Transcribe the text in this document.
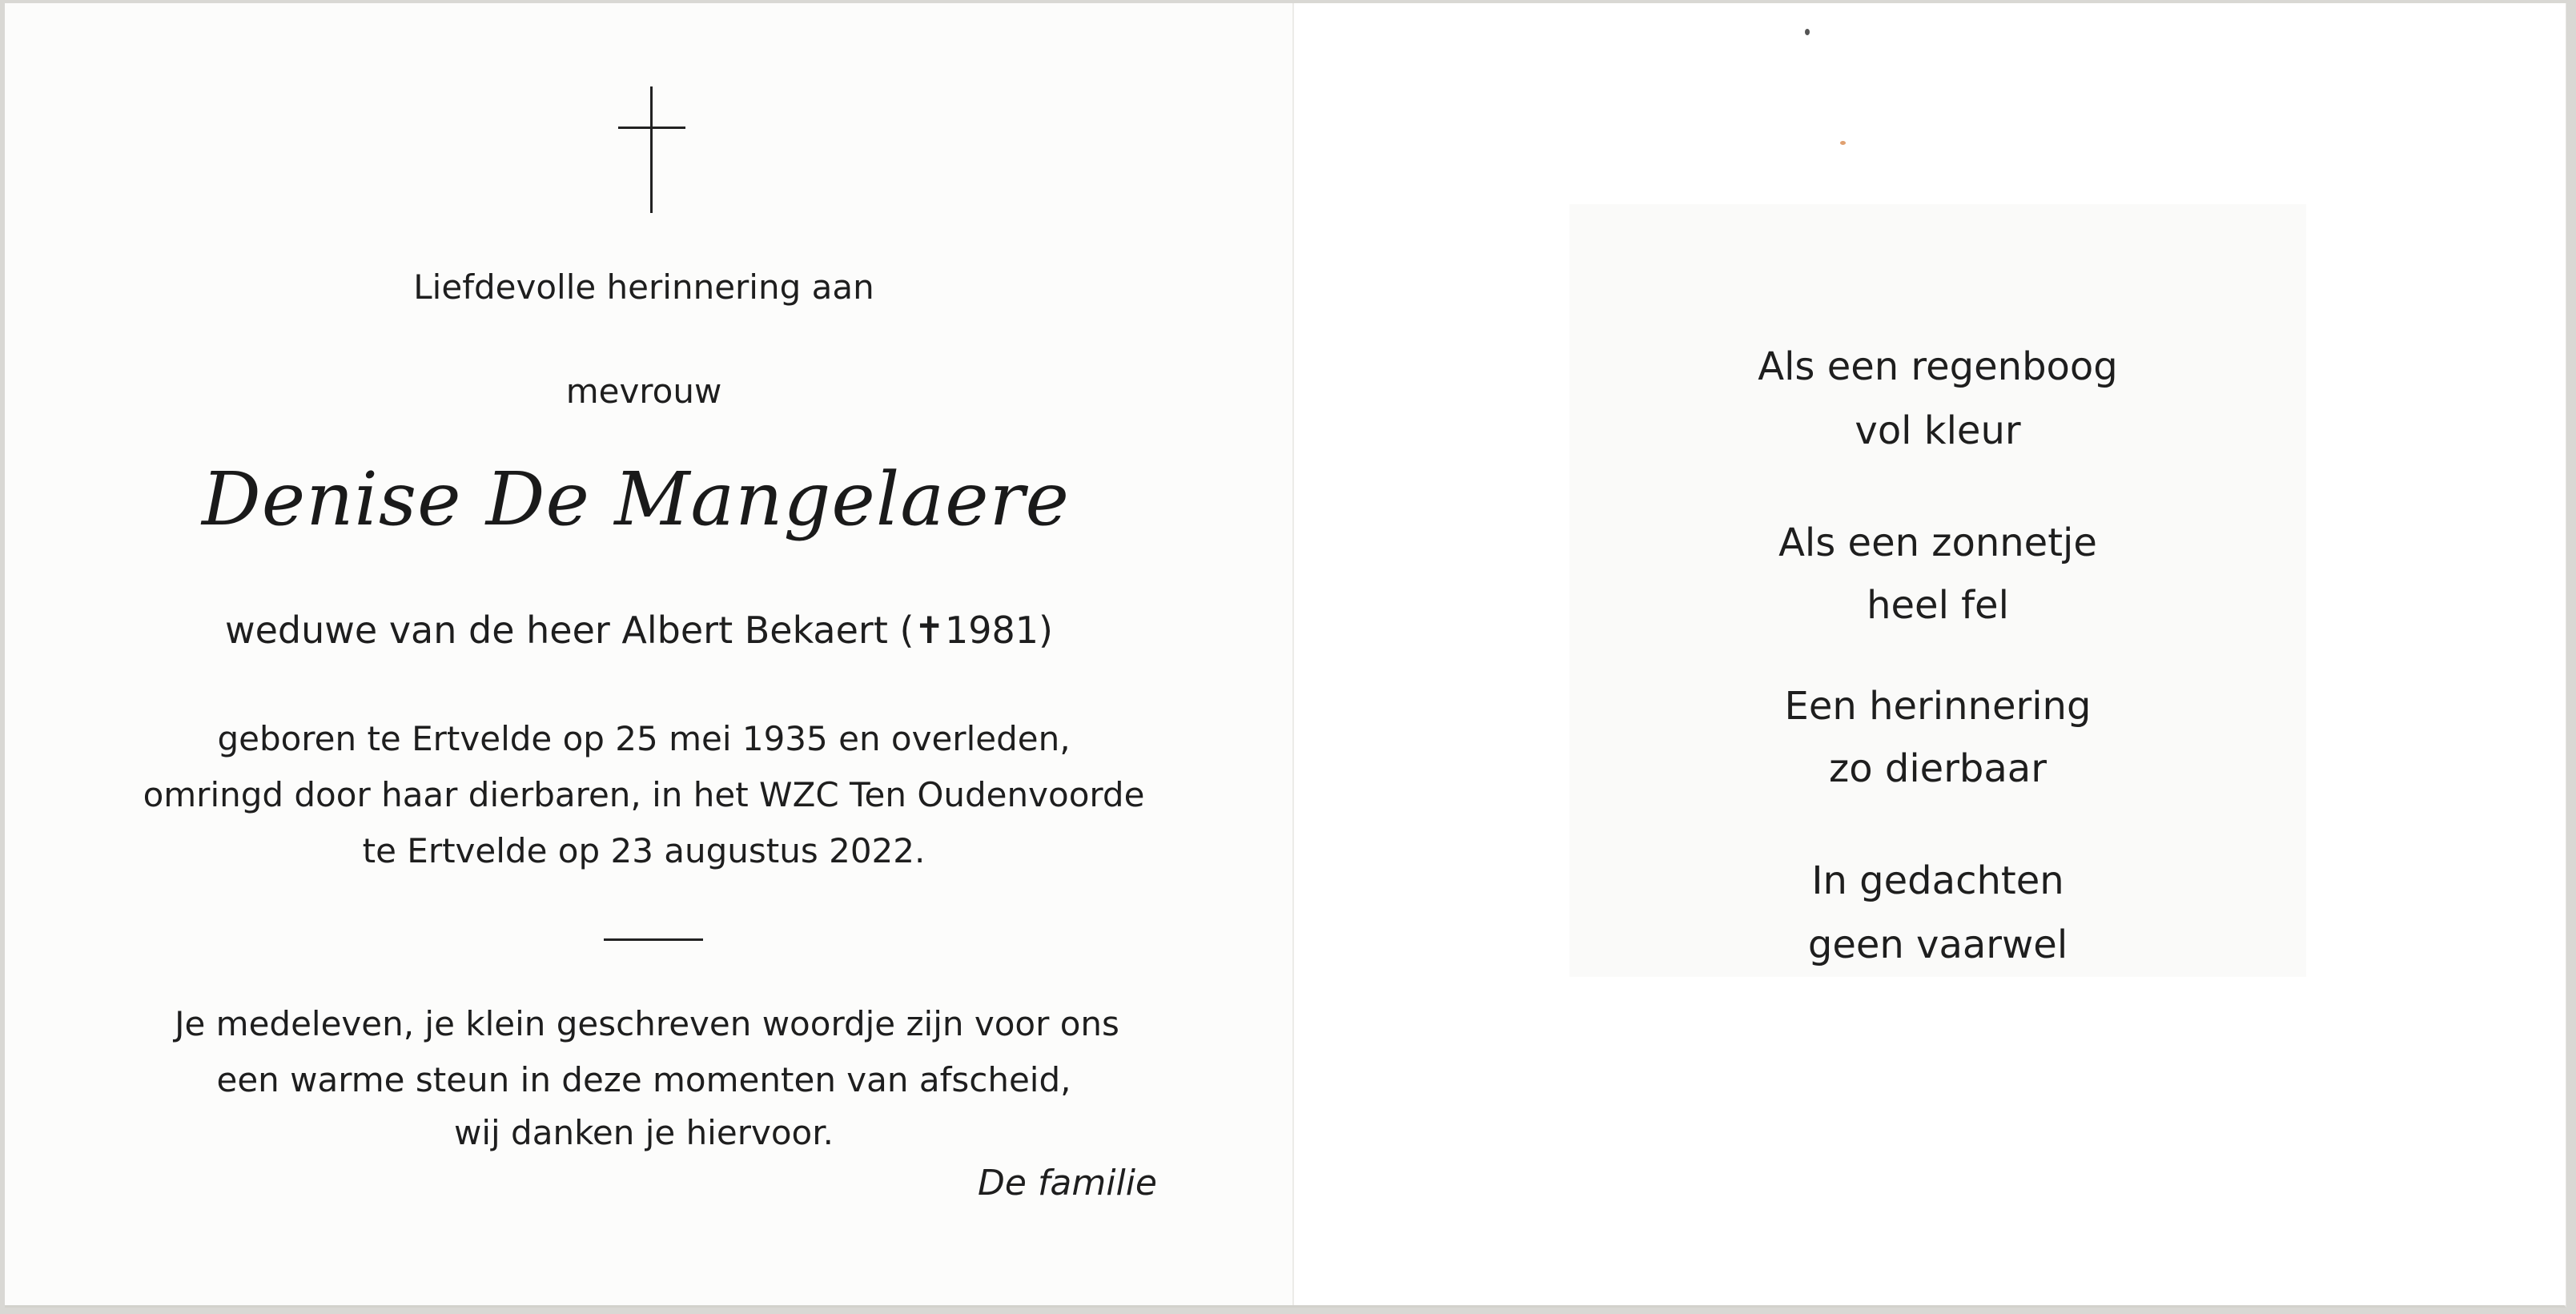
Liefdevolle herinnering aan
mevrouw
Denise De Mangelaere
weduwe van de heer Albert Bekaert (✝1981)
geboren te Ertvelde op 25 mei 1935 en overleden,
omringd door haar dierbaren, in het WZC Ten Oudenvoorde
te Ertvelde op 23 augustus 2022.
Je medeleven, je klein geschreven woordje zijn voor ons
een warme steun in deze momenten van afscheid,
wij danken je hiervoor.
De familie
Als een regenboog
vol kleur
Als een zonnetje
heel fel
Een herinnering
zo dierbaar
In gedachten
geen vaarwel
